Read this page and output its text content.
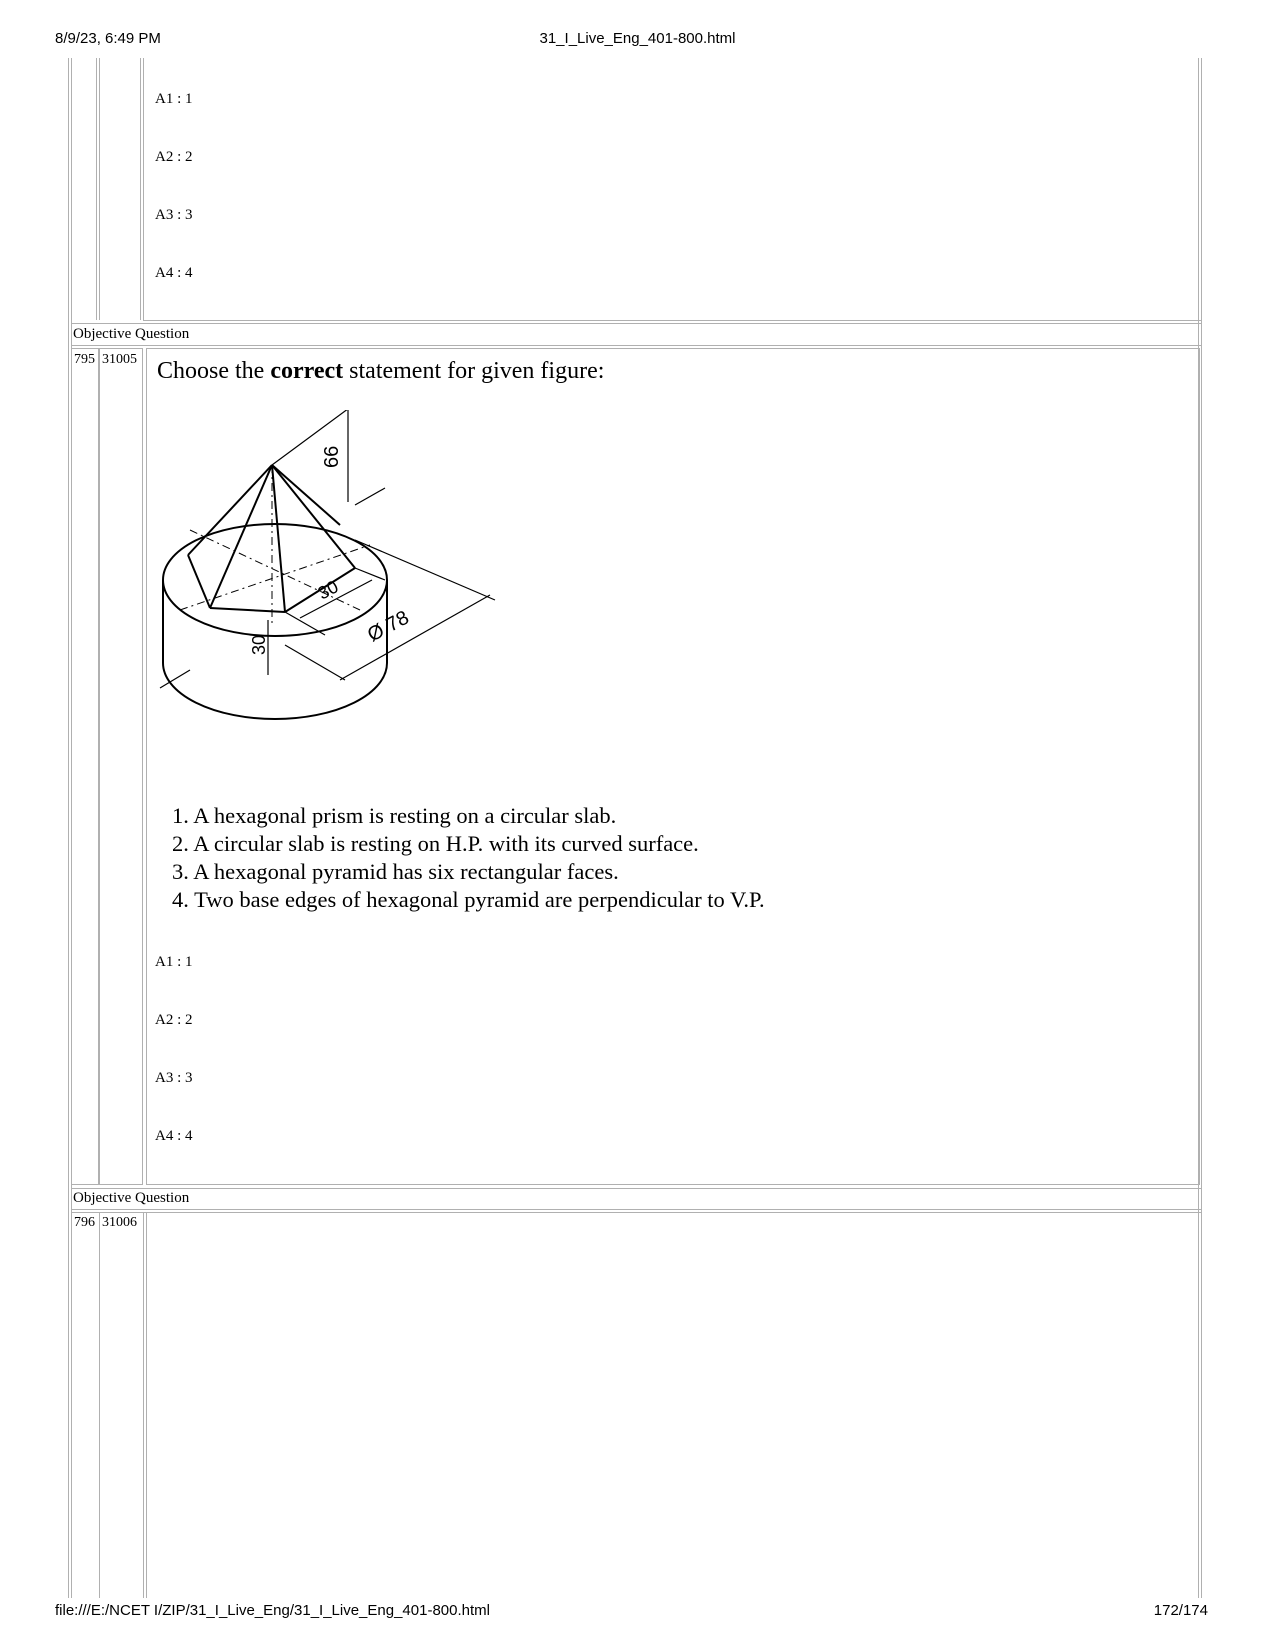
8/9/23, 6:49 PM	31_I_Live_Eng_401-800.html
A1 : 1
A2 : 2
A3 : 3
A4 : 4
Objective Question
795 31005 Choose the correct statement for given figure:
66
30
30	Ø 78
1. A hexagonal prism is resting on a circular slab.
2. A circular slab is resting on H.P. with its curved surface.
3. A hexagonal pyramid has six rectangular faces.
4. Two base edges of hexagonal pyramid are perpendicular to V.P.
A1 : 1
A2 : 2
A3 : 3
A4 : 4
Objective Question
796 31006
file:///E:/NCET I/ZIP/31_I_Live_Eng/31_I_Live_Eng_401-800.html	172/174
